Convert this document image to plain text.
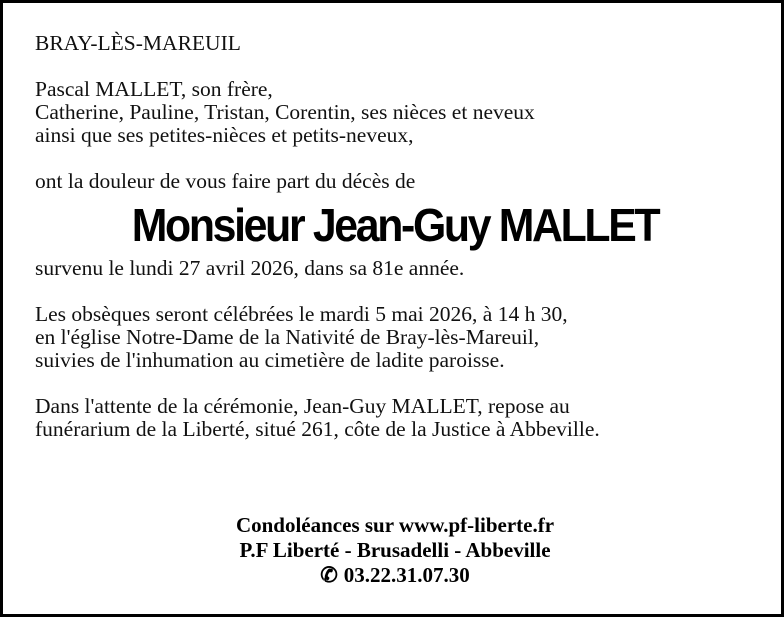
BRAY-LÈS-MAREUIL
Pascal MALLET, son frère,
Catherine, Pauline, Tristan, Corentin, ses nièces et neveux
ainsi que ses petites-nièces et petits-neveux,
ont la douleur de vous faire part du décès de
Monsieur Jean-Guy MALLET
survenu le lundi 27 avril 2026, dans sa 81e année.
Les obsèques seront célébrées le mardi 5 mai 2026, à 14 h 30,
en l'église Notre-Dame de la Nativité de Bray-lès-Mareuil,
suivies de l'inhumation au cimetière de ladite paroisse.
Dans l'attente de la cérémonie, Jean-Guy MALLET, repose au
funérarium de la Liberté, situé 261, côte de la Justice à Abbeville.
Condoléances sur www.pf-liberte.fr
P.F Liberté - Brusadelli - Abbeville
✆ 03.22.31.07.30
